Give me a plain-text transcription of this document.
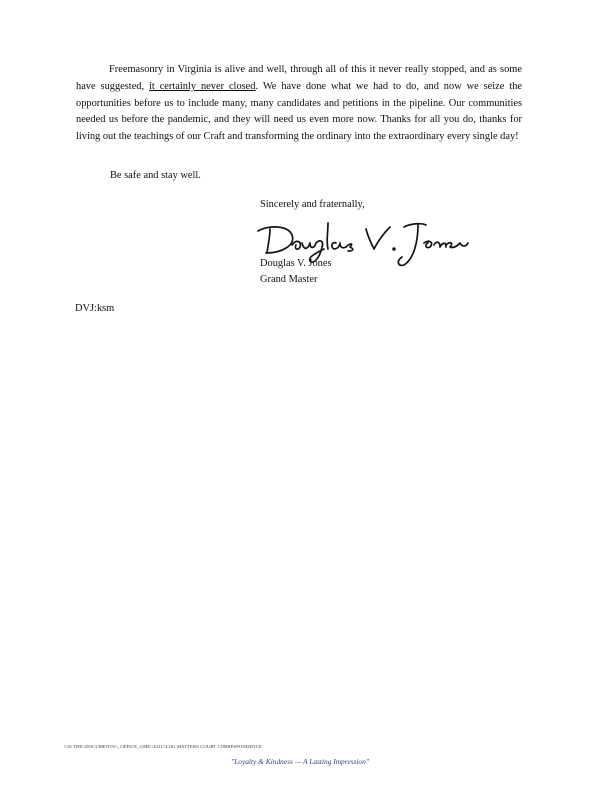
Freemasonry in Virginia is alive and well, through all of this it never really stopped, and as some have suggested, it certainly never closed. We have done what we had to do, and now we seize the opportunities before us to include many, many candidates and petitions in the pipeline. Our communities needed us before the pandemic, and they will need us even more now. Thanks for all you do, thanks for living out the teachings of our Craft and transforming the ordinary into the extraordinary every single day!

Be safe and stay well.
Sincerely and fraternally,
Douglas V. Jones
Grand Master
DVJ:ksm
\\10 THE\\DOCUMENTS\\_OFFICE_GME\\2021\\LOG MATTERS COURT CORRESPONDENCE
"Loyalty & Kindness — A Lasting Impression"
